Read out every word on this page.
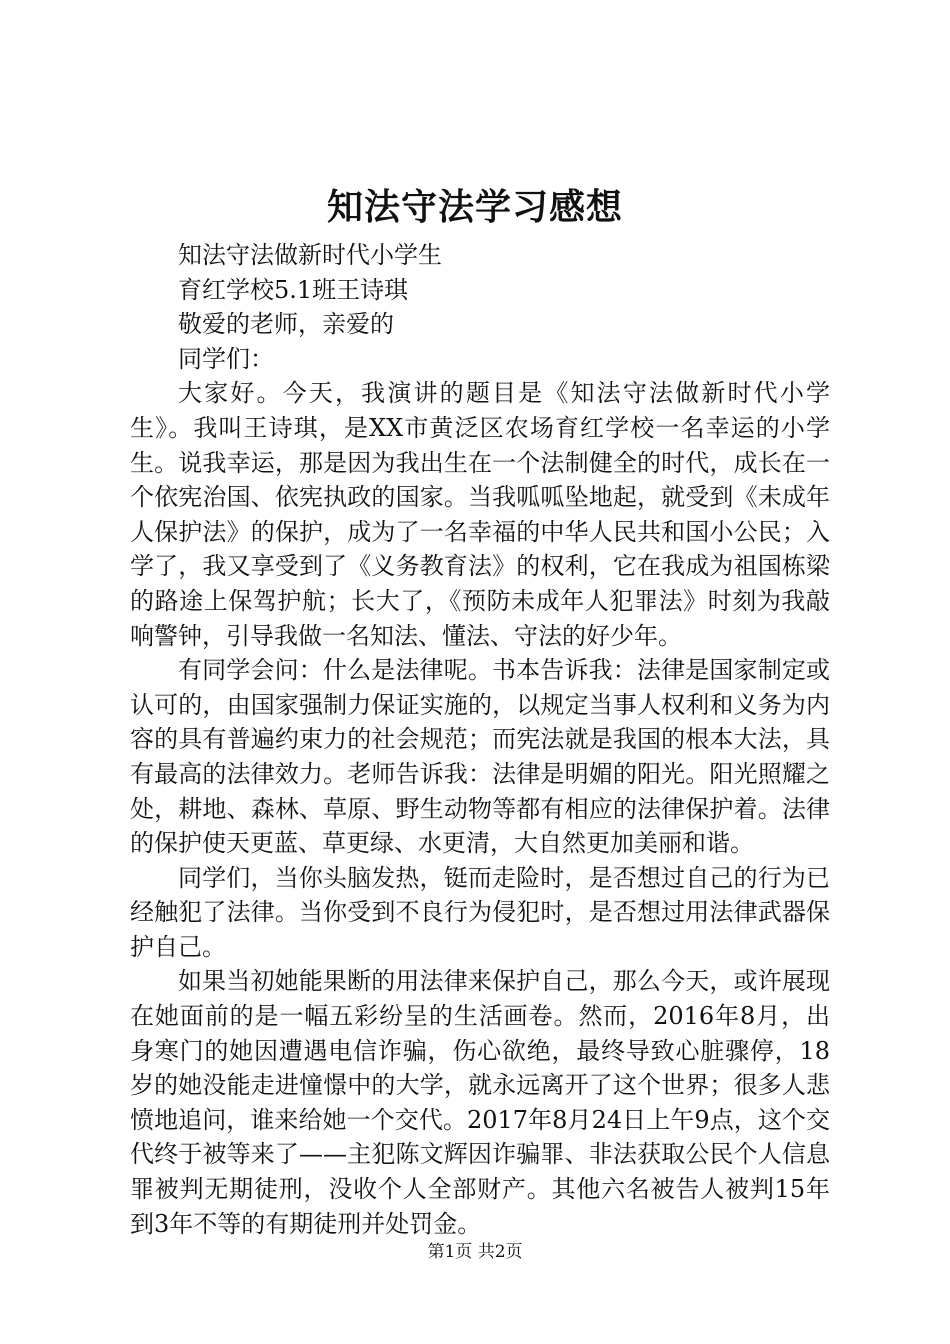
知法守法学习感想

知法守法做新时代小学生

育红学校5.1班王诗琪

敬爱的老师，亲爱的

同学们：

大家好。今天，我演讲的题目是《知法守法做新时代小学生》。我叫王诗琪，是XX市黄泛区农场育红学校一名幸运的小学生。说我幸运，那是因为我出生在一个法制健全的时代，成长在一个依宪治国、依宪执政的国家。当我呱呱坠地起，就受到《未成年人保护法》的保护，成为了一名幸福的中华人民共和国小公民；入学了，我又享受到了《义务教育法》的权利，它在我成为祖国栋梁的路途上保驾护航；长大了，《预防未成年人犯罪法》时刻为我敲响警钟，引导我做一名知法、懂法、守法的好少年。

有同学会问：什么是法律呢。书本告诉我：法律是国家制定或认可的，由国家强制力保证实施的，以规定当事人权利和义务为内容的具有普遍约束力的社会规范；而宪法就是我国的根本大法，具有最高的法律效力。老师告诉我：法律是明媚的阳光。阳光照耀之处，耕地、森林、草原、野生动物等都有相应的法律保护着。法律的保护使天更蓝、草更绿、水更清，大自然更加美丽和谐。

同学们，当你头脑发热，铤而走险时，是否想过自己的行为已经触犯了法律。当你受到不良行为侵犯时，是否想过用法律武器保护自己。

如果当初她能果断的用法律来保护自己，那么今天，或许展现在她面前的是一幅五彩纷呈的生活画卷。然而，2016年8月，出身寒门的她因遭遇电信诈骗，伤心欲绝，最终导致心脏骤停，18岁的她没能走进憧憬中的大学，就永远离开了这个世界；很多人悲愤地追问，谁来给她一个交代。2017年8月24日上午9点，这个交代终于被等来了——主犯陈文辉因诈骗罪、非法获取公民个人信息罪被判无期徒刑，没收个人全部财产。其他六名被告人被判15年到3年不等的有期徒刑并处罚金。

第1页 共2页
